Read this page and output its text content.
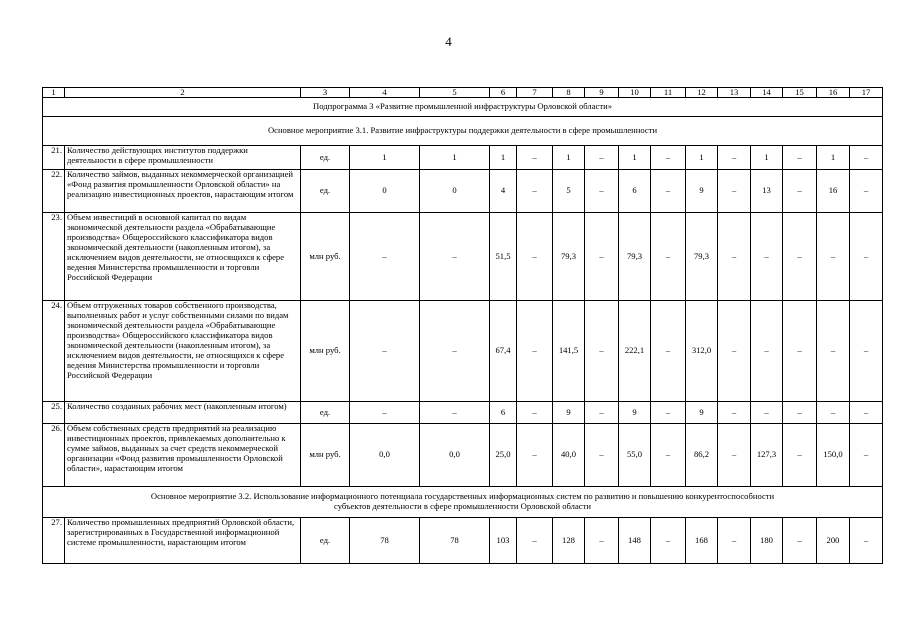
4
1	2	3	4	5	6	7	8	9	10	11	12	13	14	15	16	17
Подпрограмма 3 «Развитие промышленной инфраструктуры Орловской области»																
Основное мероприятие 3.1. Развитие инфраструктуры поддержки деятельности в сфере промышленности																
21.	Количество действующих институтов поддержки деятельности в сфере промышленности	ед.	1	1	1	–	1	–	1	–	1	–	1	–	1	–
22.	Количество займов, выданных некоммерческой организацией «Фонд развития промышленности Орловской области» на реализацию инвестиционных проектов, нарастающим итогом	ед.	0	0	4	–	5	–	6	–	9	–	13	–	16	–
23.	Объем инвестиций в основной капитал по видам экономической деятельности раздела «Обрабатывающие производства» Общероссийского классификатора видов экономической деятельности (накопленным итогом), за исключением видов деятельности, не относящихся к сфере ведения Министерства промышленности и торговли Российской Федерации	млн руб.	–	–	51,5	–	79,3	–	79,3	–	79,3	–	–	–	–	–
24.	Объем отгруженных товаров собственного производства, выполненных работ и услуг собственными силами по видам экономической деятельности раздела «Обрабатывающие производства» Общероссийского классификатора видов экономической деятельности (накопленным итогом), за исключением видов деятельности, не относящихся к сфере ведения Министерства промышленности и торговли Российской Федерации	млн руб.	–	–	67,4	–	141,5	–	222,1	–	312,0	–	–	–	–	–
25.	Количество созданных рабочих мест (накопленным итогом)	ед.	–	–	6	–	9	–	9	–	9	–	–	–	–	–
26.	Объем собственных средств предприятий на реализацию инвестиционных проектов, привлекаемых дополнительно к сумме займов, выданных за счет средств некоммерческой организации «Фонд развития промышленности Орловской области», нарастающим итогом	млн руб.	0,0	0,0	25,0	–	40,0	–	55,0	–	86,2	–	127,3	–	150,0	–

Основное мероприятие 3.2. Использование информационного потенциала государственных информационных систем по развитию и повышению конкурентоспособности
субъектов деятельности в сфере промышленности Орловской области																

27.	Количество промышленных предприятий Орловской области, зарегистрированных в Государственной информационной системе промышленности, нарастающим итогом	ед.	78	78	103	–	128	–	148	–	168	–	180	–	200	–
